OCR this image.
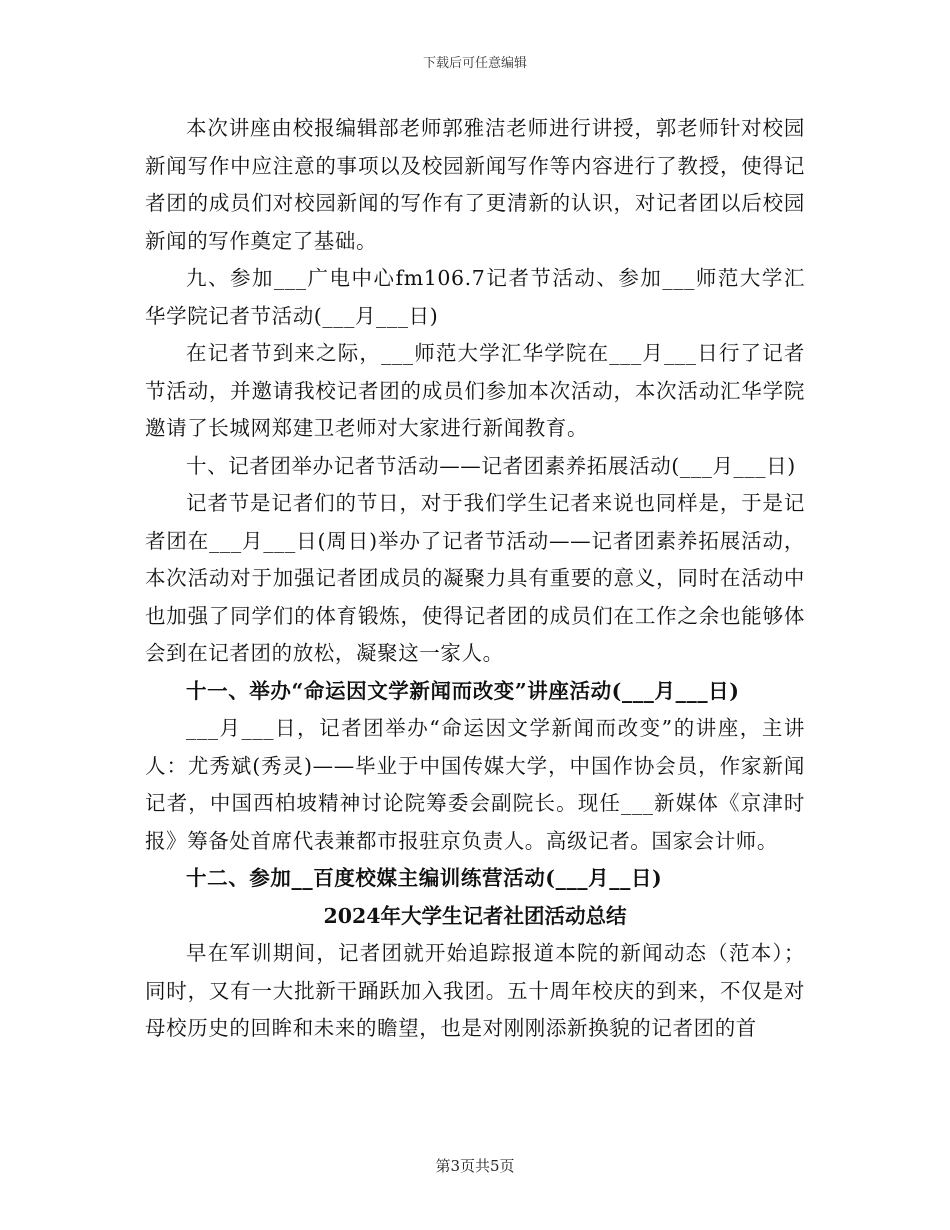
下载后可任意编辑

本次讲座由校报编辑部老师郭雅洁老师进行讲授，郭老师针对校园新闻写作中应注意的事项以及校园新闻写作等内容进行了教授，使得记者团的成员们对校园新闻的写作有了更清新的认识，对记者团以后校园新闻的写作奠定了基础。

九、参加___广电中心fm106.7记者节活动、参加___师范大学汇华学院记者节活动(___月___日)

在记者节到来之际，___师范大学汇华学院在___月___日行了记者节活动，并邀请我校记者团的成员们参加本次活动，本次活动汇华学院邀请了长城网郑建卫老师对大家进行新闻教育。

十、记者团举办记者节活动——记者团素养拓展活动(___月___日)

记者节是记者们的节日，对于我们学生记者来说也同样是，于是记者团在___月___日(周日)举办了记者节活动——记者团素养拓展活动，本次活动对于加强记者团成员的凝聚力具有重要的意义，同时在活动中也加强了同学们的体育锻炼，使得记者团的成员们在工作之余也能够体会到在记者团的放松，凝聚这一家人。

十一、举办“命运因文学新闻而改变”讲座活动(___月___日)

___月___日，记者团举办“命运因文学新闻而改变”的讲座，主讲人：尤秀斌(秀灵)——毕业于中国传媒大学，中国作协会员，作家新闻记者，中国西柏坡精神讨论院筹委会副院长。现任___新媒体《京津时报》筹备处首席代表兼都市报驻京负责人。高级记者。国家会计师。

十二、参加__百度校媒主编训练营活动(___月__日)

2024年大学生记者社团活动总结

早在军训期间，记者团就开始追踪报道本院的新闻动态（范本）；同时，又有一大批新干踊跃加入我团。五十周年校庆的到来，不仅是对母校历史的回眸和未来的瞻望，也是对刚刚添新换貌的记者团的首

第3页共5页
